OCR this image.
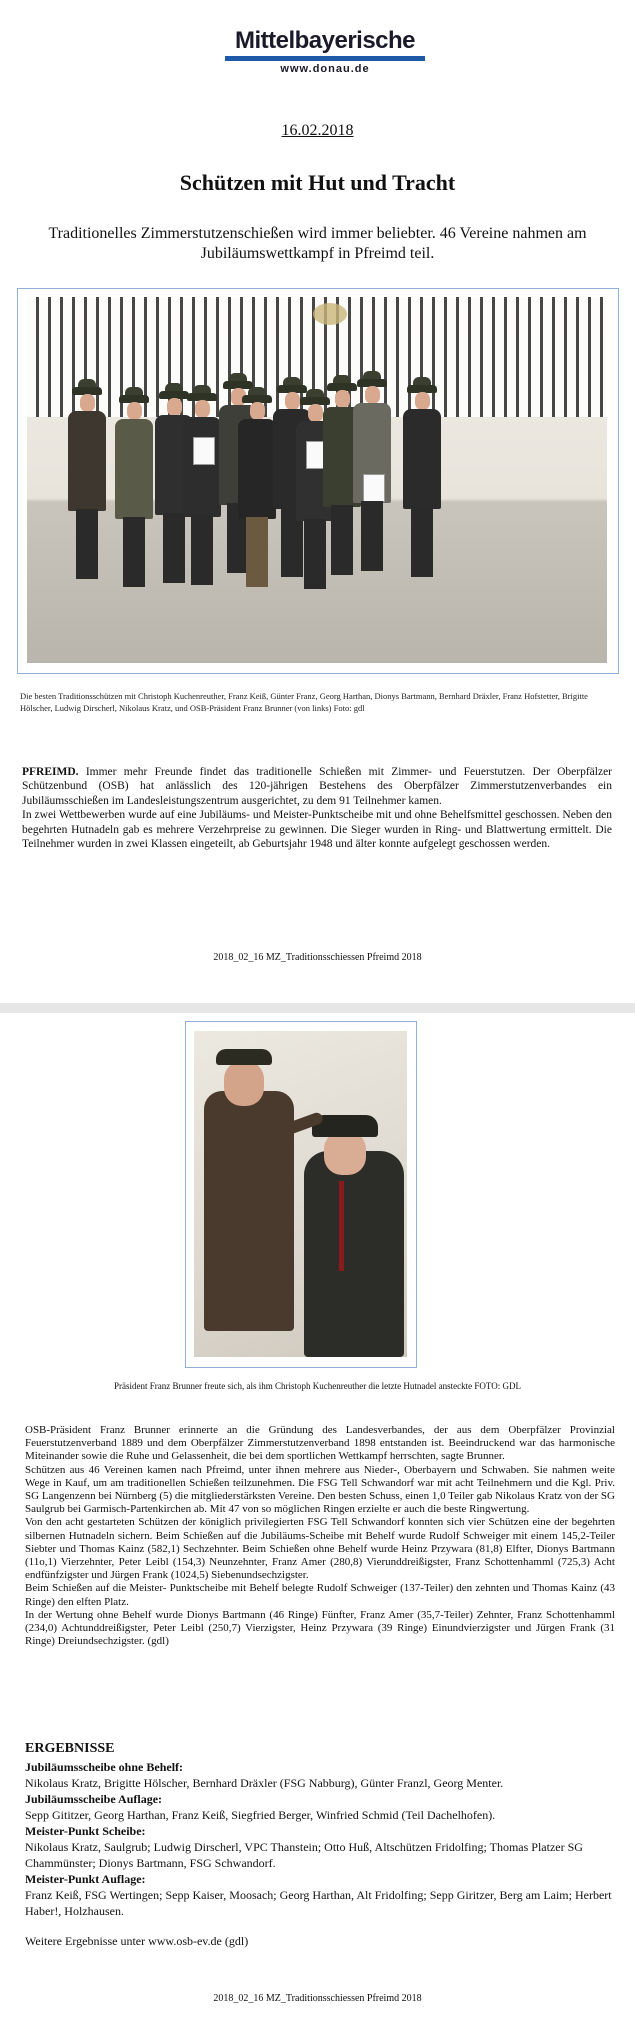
Mittelbayerische
www.donau.de
16.02.2018
Schützen mit Hut und Tracht
Traditionelles Zimmerstutzenschießen wird immer beliebter. 46 Vereine nahmen am Jubiläumswettkampf in Pfreimd teil.
Die besten Traditionsschützen mit Christoph Kuchenreuther, Franz Keiß, Günter Franz, Georg Harthan, Dionys Bartmann, Bernhard Dräxler, Franz Hofstetter, Brigitte Hölscher, Ludwig Dirscherl, Nikolaus Kratz, und OSB-Präsident Franz Brunner (von links) Foto: gdl
PFREIMD. Immer mehr Freunde findet das traditionelle Schießen mit Zimmer- und Feuerstutzen. Der Oberpfälzer Schützenbund (OSB) hat anlässlich des 120-jährigen Bestehens des Oberpfälzer Zimmerstutzenverbandes ein Jubiläumsschießen im Landesleistungszentrum ausgerichtet, zu dem 91 Teilnehmer kamen.
In zwei Wettbewerben wurde auf eine Jubiläums- und Meister-Punktscheibe mit und ohne Behelfsmittel geschossen. Neben den begehrten Hutnadeln gab es mehrere Verzehrpreise zu gewinnen. Die Sieger wurden in Ring- und Blattwertung ermittelt. Die Teilnehmer wurden in zwei Klassen eingeteilt, ab Geburtsjahr 1948 und älter konnte aufgelegt geschossen werden.
2018_02_16 MZ_Traditionsschiessen Pfreimd 2018
Präsident Franz Brunner freute sich, als ihm Christoph Kuchenreuther die letzte Hutnadel ansteckte FOTO: GDL
OSB-Präsident Franz Brunner erinnerte an die Gründung des Landesverbandes, der aus dem Oberpfälzer Provinzial Feuerstutzenverband 1889 und dem Oberpfälzer Zimmerstutzenverband 1898 entstanden ist. Beeindruckend war das harmonische Miteinander sowie die Ruhe und Gelassenheit, die bei dem sportlichen Wettkampf herrschten, sagte Brunner.
Schützen aus 46 Vereinen kamen nach Pfreimd, unter ihnen mehrere aus Nieder-, Oberbayern und Schwaben. Sie nahmen weite Wege in Kauf, um am traditionellen Schießen teilzunehmen. Die FSG Tell Schwandorf war mit acht Teilnehmern und die Kgl. Priv. SG Langenzenn bei Nürnberg (5) die mitgliederstärksten Vereine. Den besten Schuss, einen 1,0 Teiler gab Nikolaus Kratz von der SG Saulgrub bei Garmisch-Partenkirchen ab. Mit 47 von so möglichen Ringen erzielte er auch die beste Ringwertung.
Von den acht gestarteten Schützen der königlich privilegierten FSG Tell Schwandorf konnten sich vier Schützen eine der begehrten silbernen Hutnadeln sichern. Beim Schießen auf die Jubiläums-Scheibe mit Behelf wurde Rudolf Schweiger mit einem 145,2-Teiler Siebter und Thomas Kainz (582,1) Sechzehnter. Beim Schießen ohne Behelf wurde Heinz Przywara (81,8) Elfter, Dionys Bartmann (11o,1) Vierzehnter, Peter Leibl (154,3) Neunzehnter, Franz Amer (280,8) Vierunddreißigster, Franz Schottenhamml (725,3) Acht endfünfzigster und Jürgen Frank (1024,5) Siebenundsechzigster.
Beim Schießen auf die Meister- Punktscheibe mit Behelf belegte Rudolf Schweiger (137-Teiler) den zehnten und Thomas Kainz (43 Ringe) den elften Platz.
In der Wertung ohne Behelf wurde Dionys Bartmann (46 Ringe) Fünfter, Franz Amer (35,7-Teiler) Zehnter, Franz Schottenhamml (234,0) Achtunddreißigster, Peter Leibl (250,7) Vierzigster, Heinz Przywara (39 Ringe) Einundvierzigster und Jürgen Frank (31 Ringe) Dreiundsechzigster. (gdl)
ERGEBNISSE
Jubiläumsscheibe ohne Behelf:
Nikolaus Kratz, Brigitte Hölscher, Bernhard Dräxler (FSG Nabburg), Günter Franzl, Georg Menter.
Jubiläumsscheibe Auflage:
Sepp Gititzer, Georg Harthan, Franz Keiß, Siegfried Berger, Winfried Schmid (Teil Dachelhofen).
Meister-Punkt Scheibe:
Nikolaus Kratz, Saulgrub; Ludwig Dirscherl, VPC Thanstein; Otto Huß, Altschützen Fridolfing; Thomas Platzer SG Chammünster; Dionys Bartmann, FSG Schwandorf.
Meister-Punkt Auflage:
Franz Keiß, FSG Wertingen; Sepp Kaiser, Moosach; Georg Harthan, Alt Fridolfing; Sepp Giritzer, Berg am Laim; Herbert Haber!, Holzhausen.
Weitere Ergebnisse unter www.osb-ev.de (gdl)
2018_02_16 MZ_Traditionsschiessen Pfreimd 2018
